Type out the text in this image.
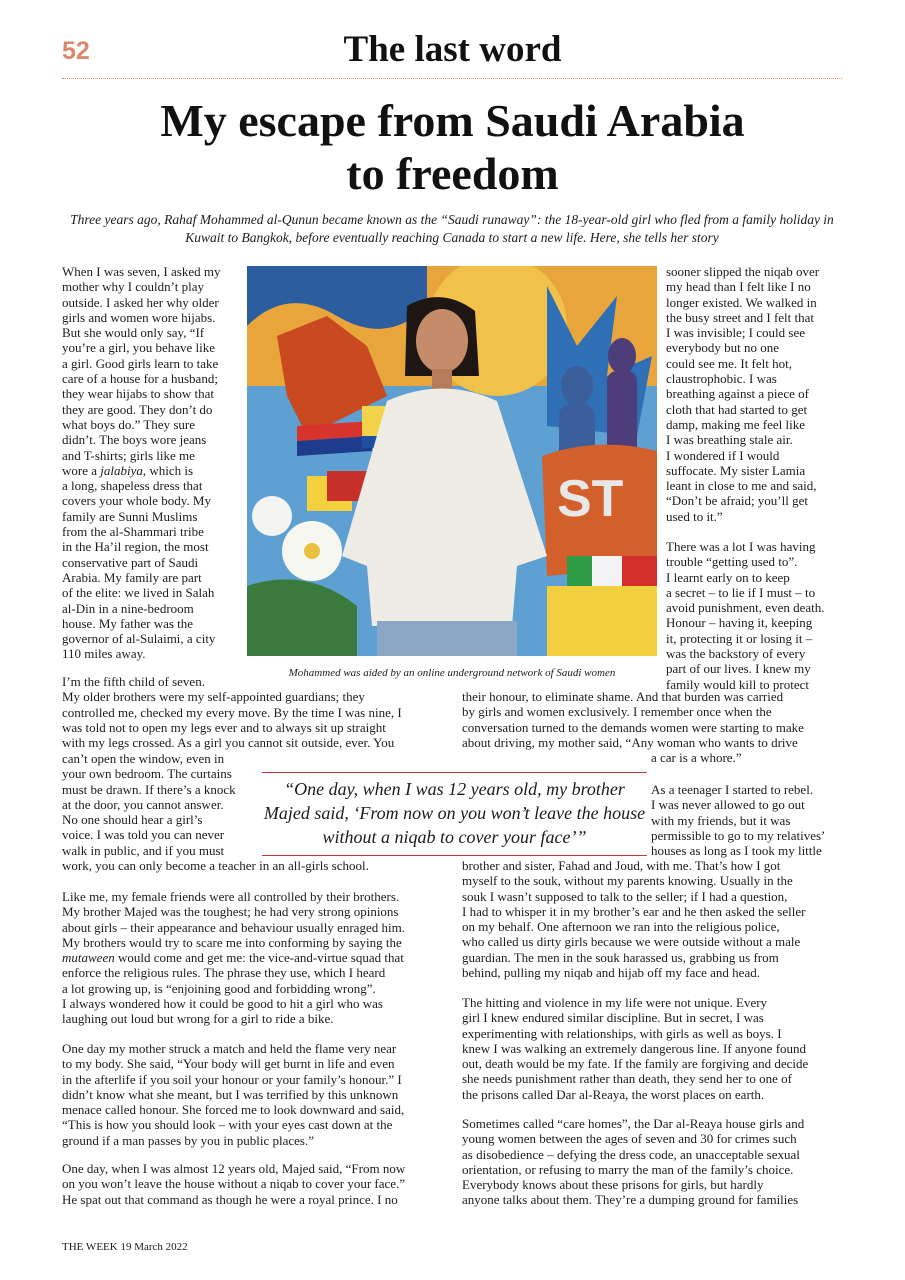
52	The last word
My escape from Saudi Arabia
to freedom
Three years ago, Rahaf Mohammed al-Qunun became known as the “Saudi runaway”: the 18-year-old girl who fled from a family holiday in Kuwait to Bangkok, before eventually reaching Canada to start a new life. Here, she tells her story
When I was seven, I asked my
mother why I couldn’t play
outside. I asked her why older
girls and women wore hijabs.
But she would only say, “If
you’re a girl, you behave like
a girl. Good girls learn to take
care of a house for a husband;
they wear hijabs to show that
they are good. They don’t do
what boys do.” They sure
didn’t. The boys wore jeans
and T-shirts; girls like me
wore a jalabiya, which is
a long, shapeless dress that
covers your whole body. My
family are Sunni Muslims
from the al-Shammari tribe
in the Ha’il region, the most
conservative part of Saudi
Arabia. My family are part
of the elite: we lived in Salah
al-Din in a nine-bedroom
house. My father was the
governor of al-Sulaimi, a city
110 miles away.
ST
Mohammed was aided by an online underground network of Saudi women
sooner slipped the niqab over
my head than I felt like I no
longer existed. We walked in
the busy street and I felt that
I was invisible; I could see
everybody but no one
could see me. It felt hot,
claustrophobic. I was
breathing against a piece of
cloth that had started to get
damp, making me feel like
I was breathing stale air.
I wondered if I would
suffocate. My sister Lamia
leant in close to me and said,
“Don’t be afraid; you’ll get
used to it.”
There was a lot I was having
trouble “getting used to”.
I learnt early on to keep
a secret – to lie if I must – to
avoid punishment, even death.
Honour – having it, keeping
it, protecting it or losing it –
was the backstory of every
part of our lives. I knew my
family would kill to protect
I’m the fifth child of seven.
My older brothers were my self-appointed guardians; they
controlled me, checked my every move. By the time I was nine, I
was told not to open my legs ever and to always sit up straight
with my legs crossed. As a girl you cannot sit outside, ever. You
can’t open the window, even in
your own bedroom. The curtains
must be drawn. If there’s a knock
at the door, you cannot answer.
No one should hear a girl’s
voice. I was told you can never
walk in public, and if you must
work, you can only become a teacher in an all-girls school.
Like me, my female friends were all controlled by their brothers.
My brother Majed was the toughest; he had very strong opinions
about girls – their appearance and behaviour usually enraged him.
My brothers would try to scare me into conforming by saying the
mutaween would come and get me: the vice-and-virtue squad that
enforce the religious rules. The phrase they use, which I heard
a lot growing up, is “enjoining good and forbidding wrong”.
I always wondered how it could be good to hit a girl who was
laughing out loud but wrong for a girl to ride a bike.
One day my mother struck a match and held the flame very near
to my body. She said, “Your body will get burnt in life and even
in the afterlife if you soil your honour or your family’s honour.” I
didn’t know what she meant, but I was terrified by this unknown
menace called honour. She forced me to look downward and said,
“This is how you should look – with your eyes cast down at the
ground if a man passes by you in public places.”
One day, when I was almost 12 years old, Majed said, “From now
on you won’t leave the house without a niqab to cover your face.”
He spat out that command as though he were a royal prince. I no
“One day, when I was 12 years old, my brother Majed said, ‘From now on you won’t leave the house without a niqab to cover your face’”
their honour, to eliminate shame. And that burden was carried
by girls and women exclusively. I remember once when the
conversation turned to the demands women were starting to make
about driving, my mother said, “Any woman who wants to drive
a car is a whore.”
As a teenager I started to rebel.
I was never allowed to go out
with my friends, but it was
permissible to go to my relatives’
houses as long as I took my little
brother and sister, Fahad and Joud, with me. That’s how I got
myself to the souk, without my parents knowing. Usually in the
souk I wasn’t supposed to talk to the seller; if I had a question,
I had to whisper it in my brother’s ear and he then asked the seller
on my behalf. One afternoon we ran into the religious police,
who called us dirty girls because we were outside without a male
guardian. The men in the souk harassed us, grabbing us from
behind, pulling my niqab and hijab off my face and head.
The hitting and violence in my life were not unique. Every
girl I knew endured similar discipline. But in secret, I was
experimenting with relationships, with girls as well as boys. I
knew I was walking an extremely dangerous line. If anyone found
out, death would be my fate. If the family are forgiving and decide
she needs punishment rather than death, they send her to one of
the prisons called Dar al-Reaya, the worst places on earth.
Sometimes called “care homes”, the Dar al-Reaya house girls and
young women between the ages of seven and 30 for crimes such
as disobedience – defying the dress code, an unacceptable sexual
orientation, or refusing to marry the man of the family’s choice.
Everybody knows about these prisons for girls, but hardly
anyone talks about them. They’re a dumping ground for families
THE WEEK 19 March 2022
